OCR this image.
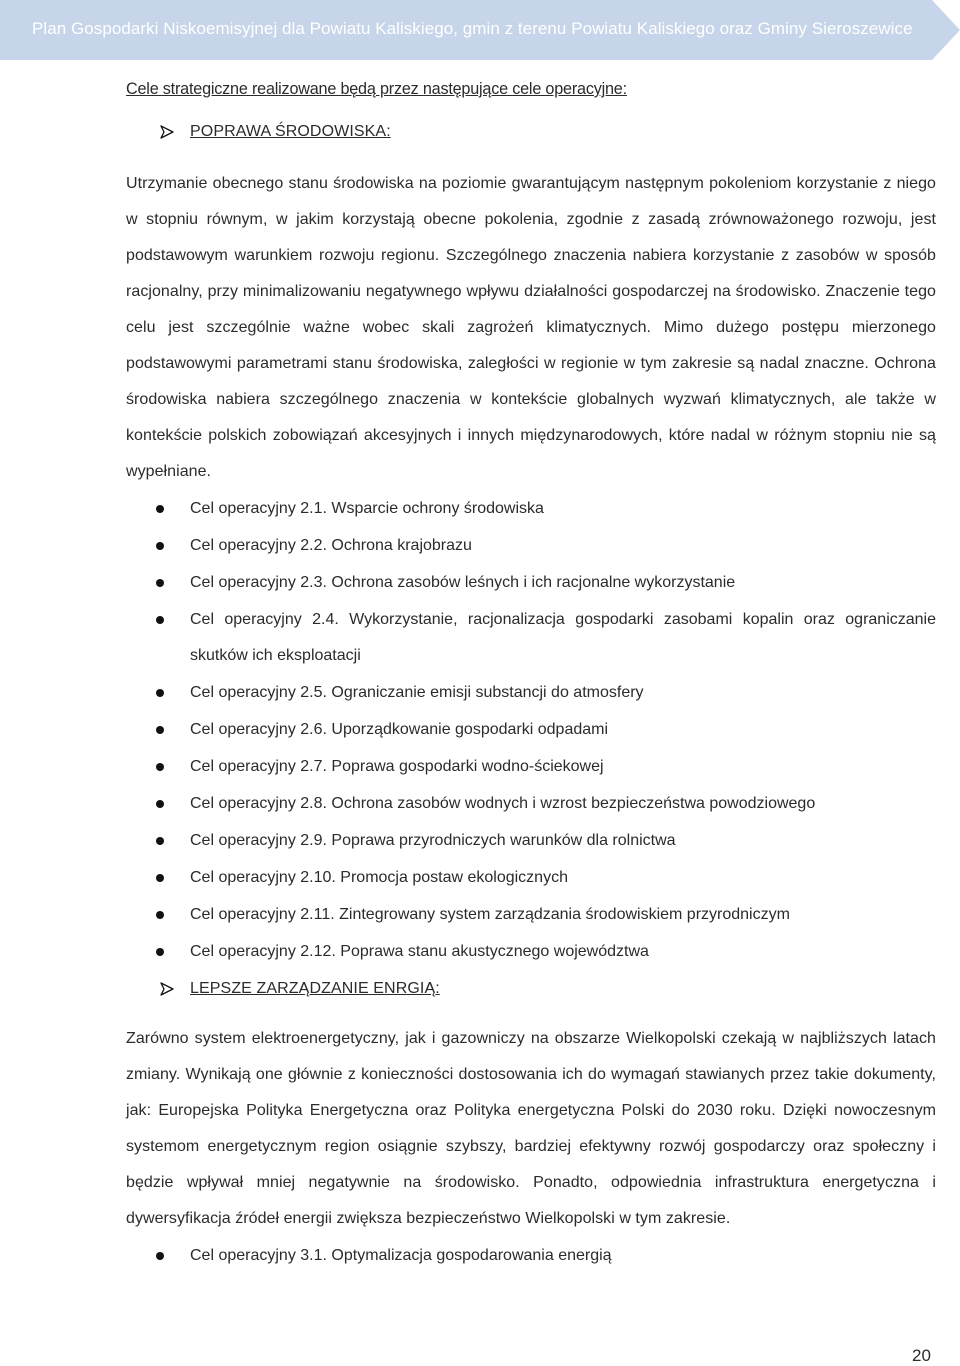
Plan Gospodarki Niskoemisyjnej dla Powiatu Kaliskiego, gmin z terenu Powiatu Kaliskiego oraz Gminy Sieroszewice

Cele strategiczne realizowane będą przez następujące cele operacyjne:

POPRAWA ŚRODOWISKA:

Utrzymanie obecnego stanu środowiska na poziomie gwarantującym następnym pokoleniom korzystanie z niego w stopniu równym, w jakim korzystają obecne pokolenia, zgodnie z zasadą zrównoważonego rozwoju, jest podstawowym warunkiem rozwoju regionu. Szczególnego znaczenia nabiera korzystanie z zasobów w sposób racjonalny, przy minimalizowaniu negatywnego wpływu działalności gospodarczej na środowisko. Znaczenie tego celu jest szczególnie ważne wobec skali zagrożeń klimatycznych. Mimo dużego postępu mierzonego podstawowymi parametrami stanu środowiska, zaległości w regionie w tym zakresie są nadal znaczne. Ochrona środowiska nabiera szczególnego znaczenia w kontekście globalnych wyzwań klimatycznych, ale także w kontekście polskich zobowiązań akcesyjnych i innych międzynarodowych, które nadal w różnym stopniu nie są wypełniane.

Cel operacyjny 2.1. Wsparcie ochrony środowiska
Cel operacyjny 2.2. Ochrona krajobrazu
Cel operacyjny 2.3. Ochrona zasobów leśnych i ich racjonalne wykorzystanie
Cel operacyjny 2.4. Wykorzystanie, racjonalizacja gospodarki zasobami kopalin oraz ograniczanie skutków ich eksploatacji
Cel operacyjny 2.5. Ograniczanie emisji substancji do atmosfery
Cel operacyjny 2.6. Uporządkowanie gospodarki odpadami
Cel operacyjny 2.7. Poprawa gospodarki wodno-ściekowej
Cel operacyjny 2.8. Ochrona zasobów wodnych i wzrost bezpieczeństwa powodziowego
Cel operacyjny 2.9. Poprawa przyrodniczych warunków dla rolnictwa
Cel operacyjny 2.10. Promocja postaw ekologicznych
Cel operacyjny 2.11. Zintegrowany system zarządzania środowiskiem przyrodniczym
Cel operacyjny 2.12. Poprawa stanu akustycznego województwa
LEPSZE ZARZĄDZANIE ENRGIĄ:

Zarówno system elektroenergetyczny, jak i gazowniczy na obszarze Wielkopolski czekają w najbliższych latach zmiany. Wynikają one głównie z konieczności dostosowania ich do wymagań stawianych przez takie dokumenty, jak: Europejska Polityka Energetyczna oraz Polityka energetyczna Polski do 2030 roku. Dzięki nowoczesnym systemom energetycznym region osiągnie szybszy, bardziej efektywny rozwój gospodarczy oraz społeczny i będzie wpływał mniej negatywnie na środowisko. Ponadto, odpowiednia infrastruktura energetyczna i dywersyfikacja źródeł energii zwiększa bezpieczeństwo Wielkopolski w tym zakresie.

Cel operacyjny 3.1. Optymalizacja gospodarowania energią
20
